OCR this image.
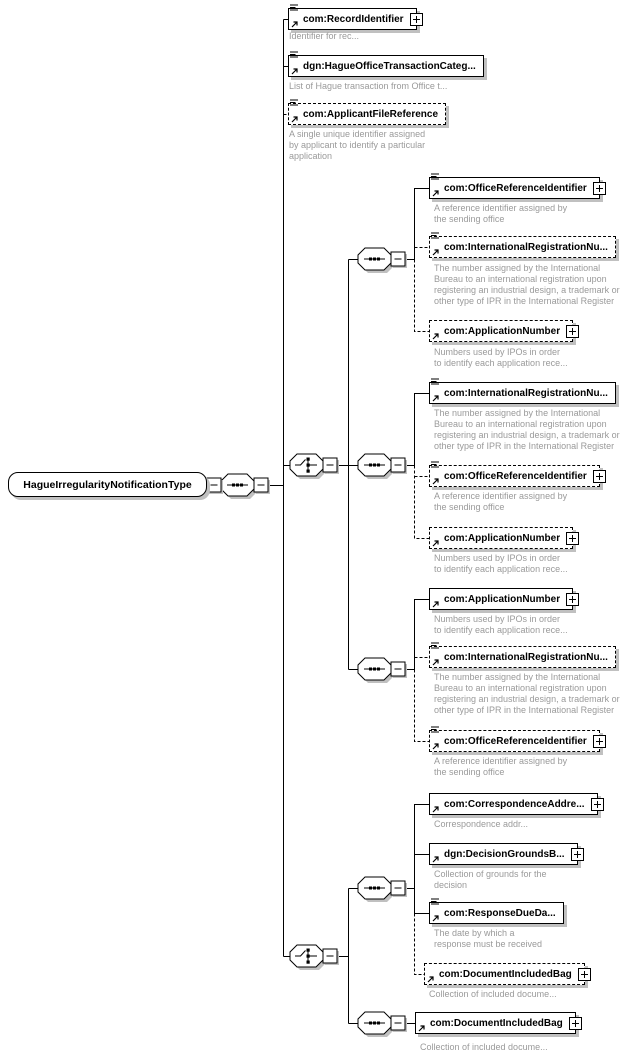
HagueIrregularityNotificationType
com:RecordIdentifier
Identifier for rec...
dgn:HagueOfficeTransactionCateg...
List of Hague transaction from Office t...
com:ApplicantFileReference
A single unique identifier assigned
by applicant to identify a particular
application
com:OfficeReferenceIdentifier
A reference identifier assigned by
the sending office
com:InternationalRegistrationNu...
The number assigned by the International
Bureau to an international registration upon
registering an industrial design, a trademark or
other type of IPR in the International Register
com:ApplicationNumber
Numbers used by IPOs in order
to identify each application rece...
com:InternationalRegistrationNu...
The number assigned by the International
Bureau to an international registration upon
registering an industrial design, a trademark or
other type of IPR in the International Register
com:OfficeReferenceIdentifier
A reference identifier assigned by
the sending office
com:ApplicationNumber
Numbers used by IPOs in order
to identify each application rece...
com:ApplicationNumber
Numbers used by IPOs in order
to identify each application rece...
com:InternationalRegistrationNu...
The number assigned by the International
Bureau to an international registration upon
registering an industrial design, a trademark or
other type of IPR in the International Register
com:OfficeReferenceIdentifier
A reference identifier assigned by
the sending office
com:CorrespondenceAddre...
Correspondence addr...
dgn:DecisionGroundsB...
Collection of grounds for the
decision
com:ResponseDueDa...
The date by which a
response must be received
com:DocumentIncludedBag
Collection of included docume...
com:DocumentIncludedBag
Collection of included docume...
